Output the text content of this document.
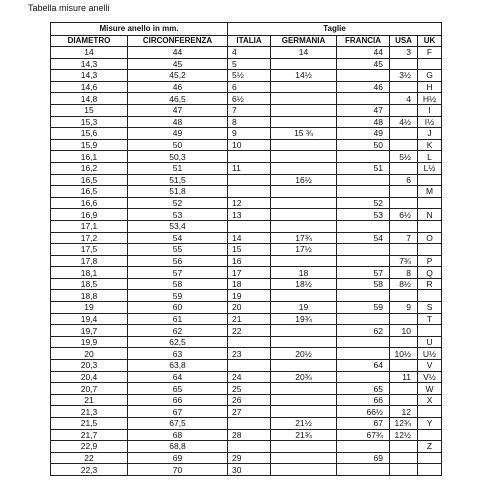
Tabella misure anelli
Misure anello in mm.		Taglie				
DIAMETRO	CIRCONFERENZA	ITALIA	GERMANIA	FRANCIA	USA	UK
14	44	4	14	44	3	F
14,3	45	5		45		
14,3	45,2	5½	14½		3½	G
14,6	46	6		46		H
14,8	46,5	6½			4	H½
15	47	7		47		I
15,3	48	8		48	4½	I½
15,6	49	9	15 ¾	49		J
15,9	50	10		50		K
16,1	50,3				5½	L
16,2	51	11		51		L½
16,5	51,5		16½		6	
16,5	51,8					M
16,6	52	12		52		
16,9	53	13		53	6½	N
17,1	53,4					
17,2	54	14	17¾	54	7	O
17,5	55	15	17½			
17,8	56	16			7¾	P
18,1	57	17	18	57	8	Q
18,5	58	18	18½	58	8½	R
18,8	59	19				
19	60	20	19	59	9	S
19,4	61	21	19¾			T
19,7	62	22		62	10	
19,9	62,5					U
20	63	23	20½		10½	U½
20,3	63,8			64		V
20,4	64	24	20¾		11	V½
20,7	65	25		65		W
21	66	26		66		X
21,3	67	27		66½	12	
21,5	67,5		21½	67	12¾	Y
21,7	68	28	21¾	67¾	12½	
22,9	68,8					Z
22	69	29		69		
22,3	70	30				
